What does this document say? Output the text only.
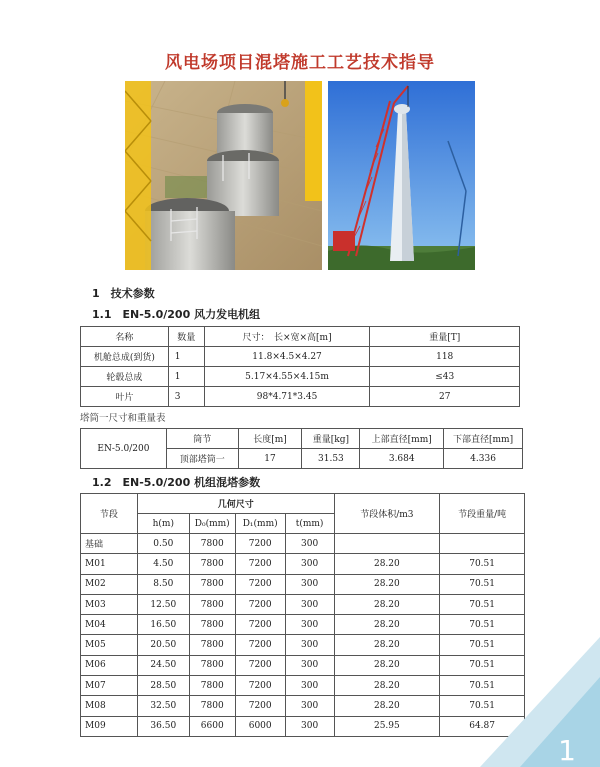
风电场项目混塔施工工艺技术指导
1　技术参数
1.1　EN-5.0/200 风力发电机组
名称	数量	尺寸：　长×宽×高[m]	重量[T]
机舱总成(到货)	1	11.8×4.5×4.27	118
轮毂总成	1	5.17×4.55×4.15m	≤43
叶片	3	98*4.71*3.45	27
塔筒一尺寸和重量表
EN-5.0/200	筒节	长度[m]	重量[kg]	上部直径[mm]	下部直径[mm]
	顶部塔筒一	17	31.53	3.684	4.336
1.2　EN-5.0/200 机组混塔参数
节段	几何尺寸				节段体积/m3	节段重量/吨
	h(m)	D₀(mm)	D₁(mm)	t(mm)		
基础	0.50	7800	7200	300		
M01	4.50	7800	7200	300	28.20	70.51
M02	8.50	7800	7200	300	28.20	70.51
M03	12.50	7800	7200	300	28.20	70.51
M04	16.50	7800	7200	300	28.20	70.51
M05	20.50	7800	7200	300	28.20	70.51
M06	24.50	7800	7200	300	28.20	70.51
M07	28.50	7800	7200	300	28.20	70.51
M08	32.50	7800	7200	300	28.20	70.51
M09	36.50	6600	6000	300	25.95	64.87
1
